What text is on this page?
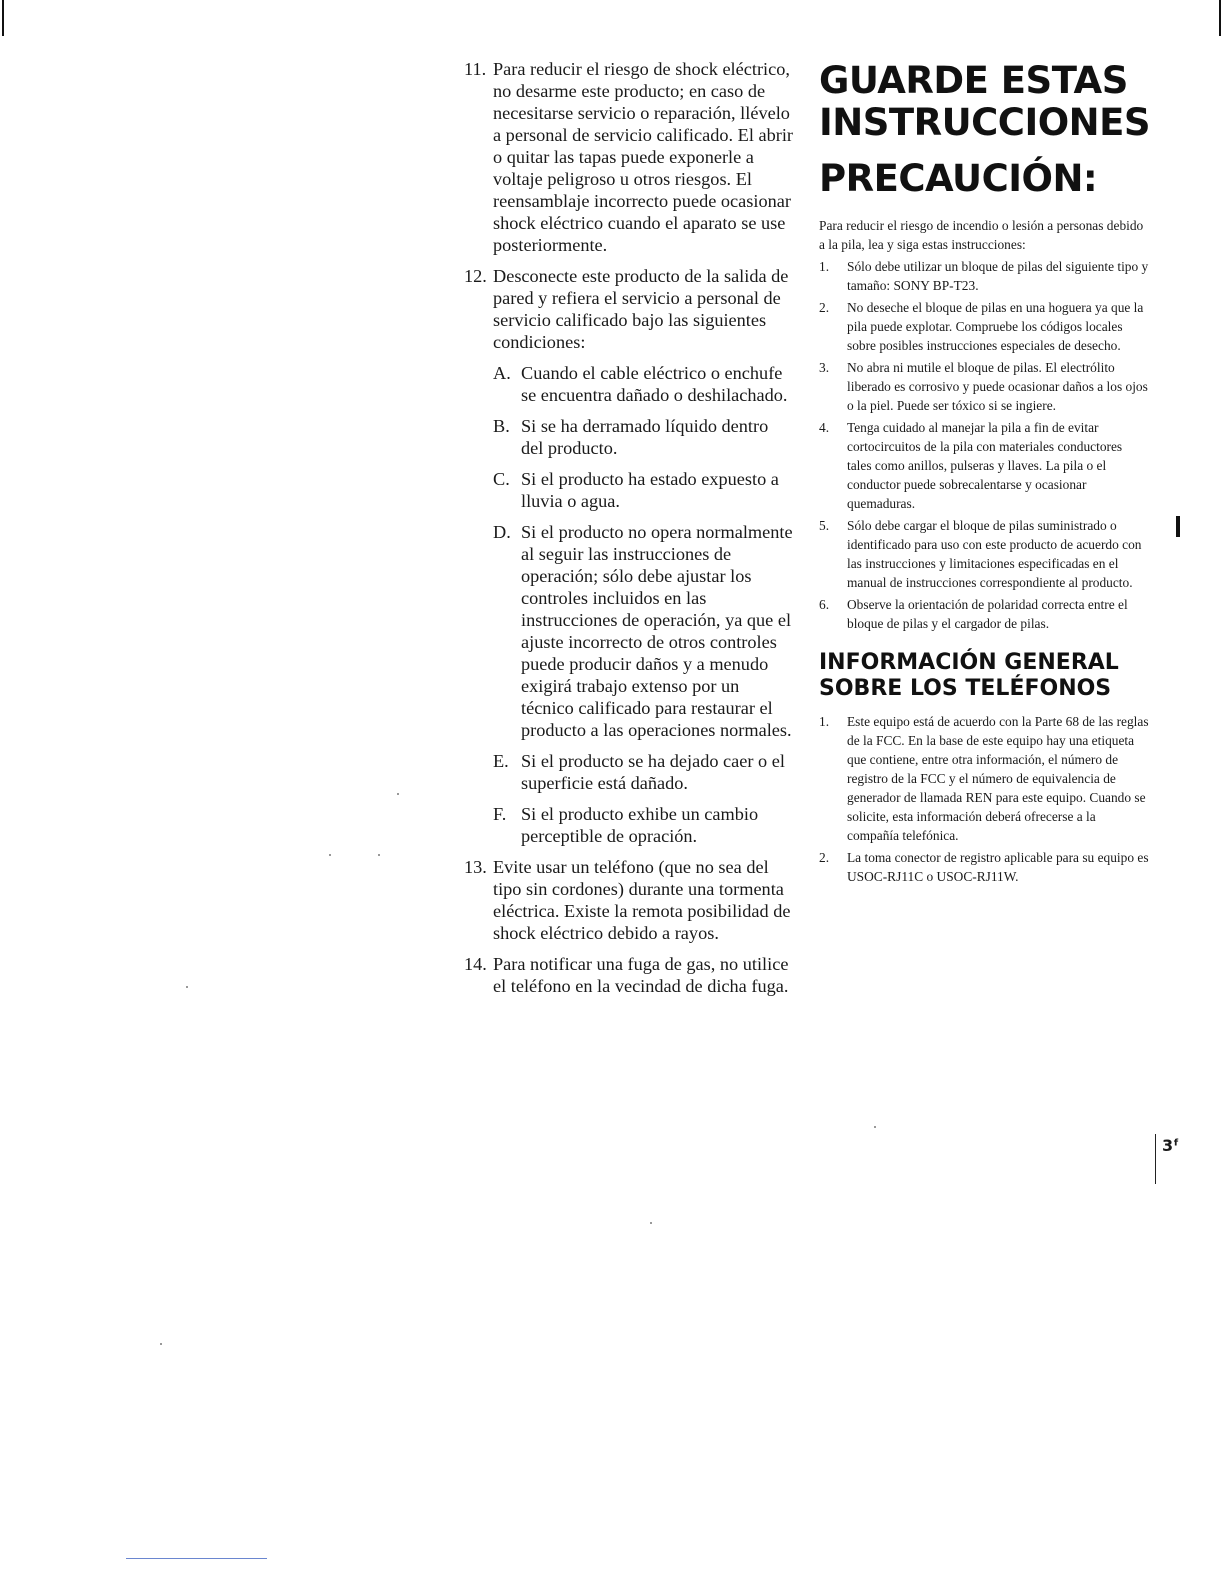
11. Para reducir el riesgo de shock eléctrico, no desarme este producto; en caso de necesitarse servicio o reparación, llévelo a personal de servicio calificado. El abrir o quitar las tapas puede exponerle a voltaje peligroso u otros riesgos. El reensamblaje incorrecto puede ocasionar shock eléctrico cuando el aparato se use posteriormente.
12. Desconecte este producto de la salida de pared y refiera el servicio a personal de servicio calificado bajo las siguientes condiciones:
A. Cuando el cable eléctrico o enchufe se encuentra dañado o deshilachado.
B. Si se ha derramado líquido dentro del producto.
C. Si el producto ha estado expuesto a lluvia o agua.
D. Si el producto no opera normalmente al seguir las instrucciones de operación; sólo debe ajustar los controles incluidos en las instrucciones de operación, ya que el ajuste incorrecto de otros controles puede producir daños y a menudo exigirá trabajo extenso por un técnico calificado para restaurar el producto a las operaciones normales.
E. Si el producto se ha dejado caer o el superficie está dañado.
F. Si el producto exhibe un cambio perceptible de opración.
13. Evite usar un teléfono (que no sea del tipo sin cordones) durante una tormenta eléctrica. Existe la remota posibilidad de shock eléctrico debido a rayos.
14. Para notificar una fuga de gas, no utilice el teléfono en la vecindad de dicha fuga.
GUARDE ESTAS
INSTRUCCIONES
PRECAUCIÓN:
Para reducir el riesgo de incendio o lesión a personas debido a la pila, lea y siga estas instrucciones:
1. Sólo debe utilizar un bloque de pilas del siguiente tipo y tamaño: SONY BP-T23.
2. No deseche el bloque de pilas en una hoguera ya que la pila puede explotar. Compruebe los códigos locales sobre posibles instrucciones especiales de desecho.
3. No abra ni mutile el bloque de pilas. El electrólito liberado es corrosivo y puede ocasionar daños a los ojos o la piel. Puede ser tóxico si se ingiere.
4. Tenga cuidado al manejar la pila a fin de evitar cortocircuitos de la pila con materiales conductores tales como anillos, pulseras y llaves. La pila o el conductor puede sobrecalentarse y ocasionar quemaduras.
5. Sólo debe cargar el bloque de pilas suministrado o identificado para uso con este producto de acuerdo con las instrucciones y limitaciones especificadas en el manual de instrucciones correspondiente al producto.
6. Observe la orientación de polaridad correcta entre el bloque de pilas y el cargador de pilas.
INFORMACIÓN GENERAL
SOBRE LOS TELÉFONOS
1. Este equipo está de acuerdo con la Parte 68 de las reglas de la FCC. En la base de este equipo hay una etiqueta que contiene, entre otra información, el número de registro de la FCC y el número de equivalencia de generador de llamada REN para este equipo. Cuando se solicite, esta información deberá ofrecerse a la compañía telefónica.
2. La toma conector de registro aplicable para su equipo es USOC-RJ11C o USOC-RJ11W.
3ᶠ
